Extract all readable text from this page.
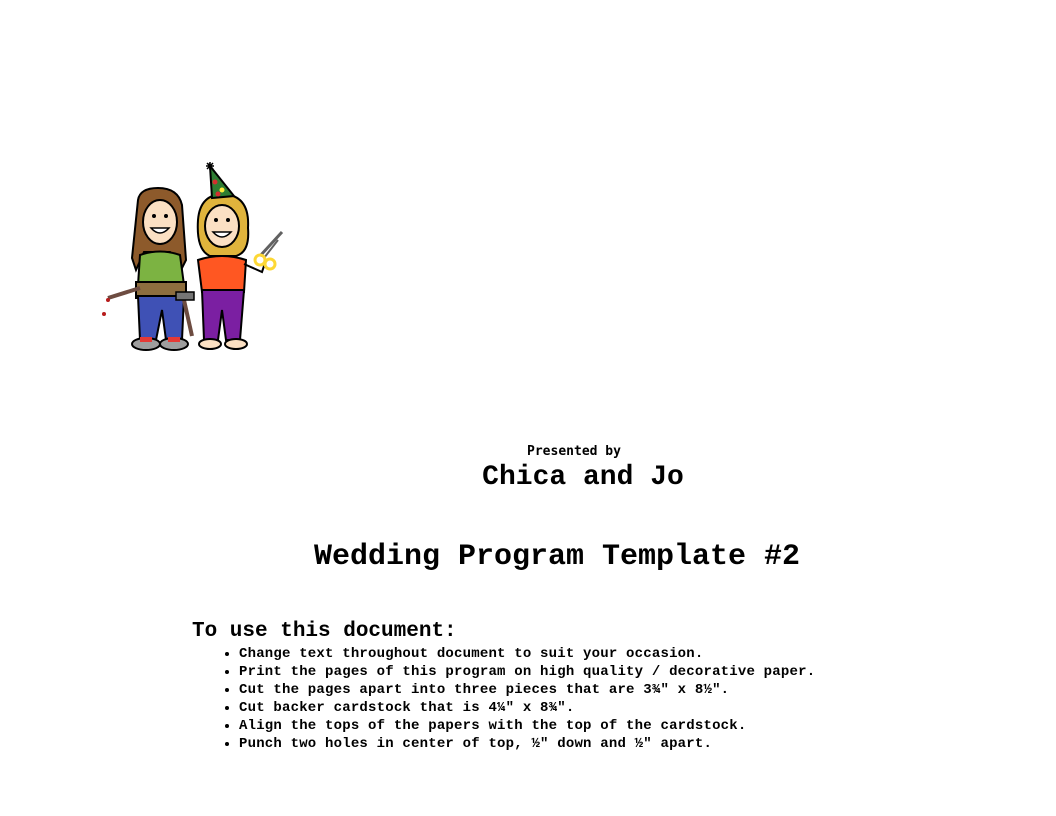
Presented by
Chica and Jo
Wedding Program Template #2
To use this document:
• Change text throughout document to suit your occasion.
• Print the pages of this program on high quality / decorative paper.
• Cut the pages apart into three pieces that are 3¾″ x 8½″.
• Cut backer cardstock that is 4¼″ x 8¾″.
• Align the tops of the papers with the top of the cardstock.
• Punch two holes in center of top, ½″ down and ½″ apart.
